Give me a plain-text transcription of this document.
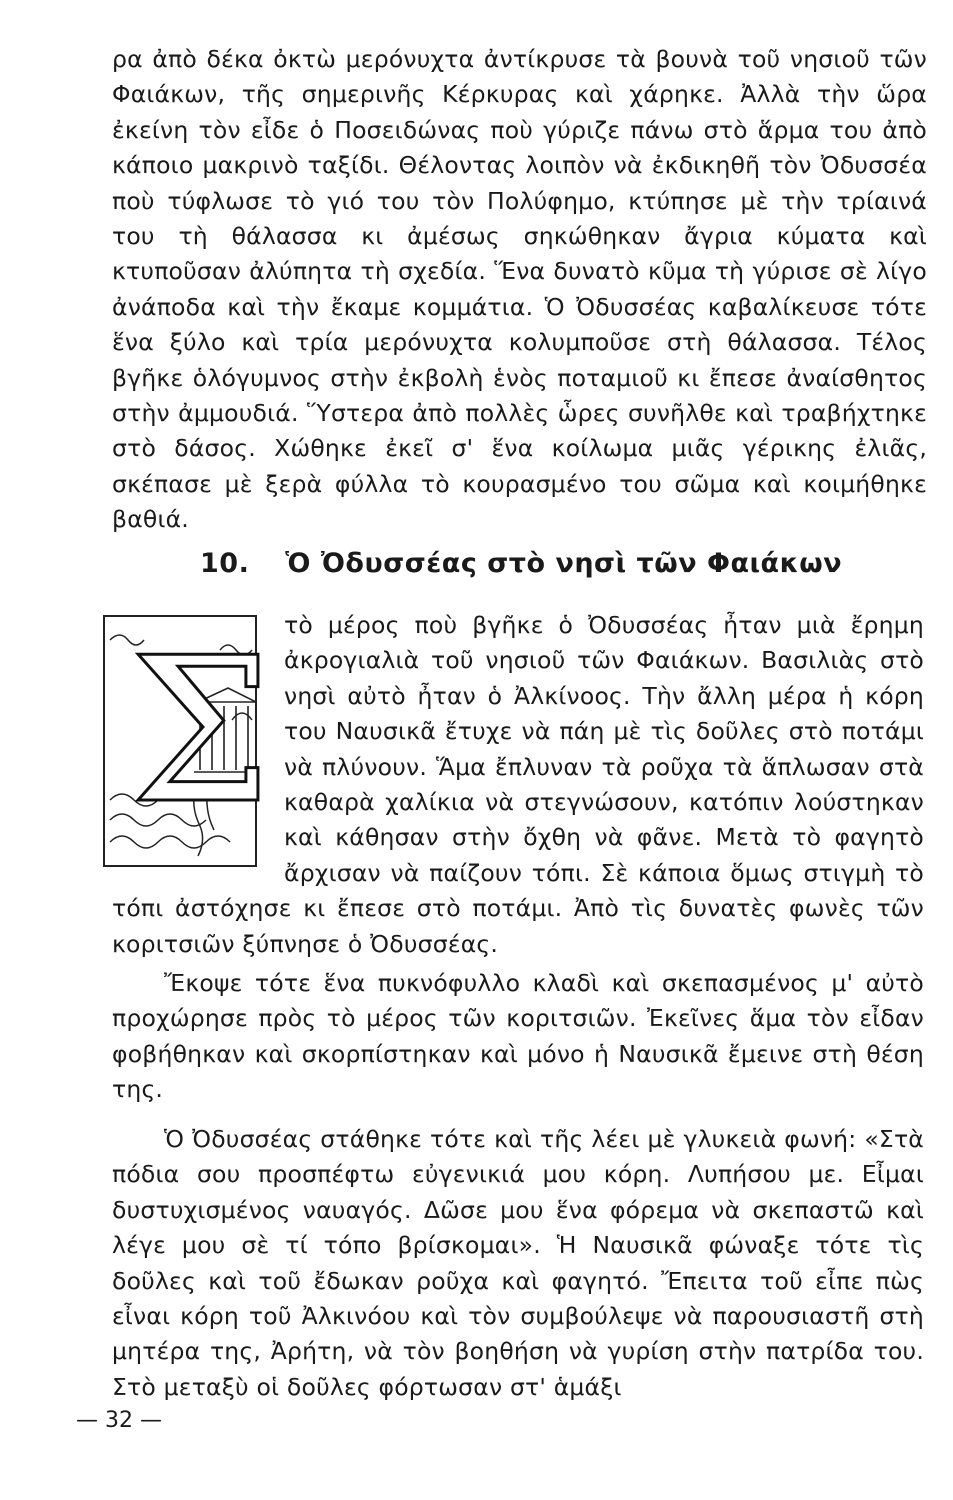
ρα ἀπὸ δέκα ὀκτὼ μερόνυχτα ἀντίκρυσε τὰ βουνὰ τοῦ νησιοῦ τῶν Φαιάκων, τῆς σημερινῆς Κέρκυρας καὶ χάρηκε. Ἀλλὰ τὴν ὥρα ἐκείνη τὸν εἶδε ὁ Ποσειδώνας ποὺ γύριζε πάνω στὸ ἅρμα του ἀπὸ κάποιο μακρινὸ ταξίδι. Θέλοντας λοιπὸν νὰ ἐκδικηθῆ τὸν Ὀδυσσέα ποὺ τύφλωσε τὸ γιό του τὸν Πολύφημο, κτύπησε μὲ τὴν τρίαινά του τὴ θάλασσα κι ἀμέσως σηκώθηκαν ἄγρια κύματα καὶ κτυποῦσαν ἀλύπητα τὴ σχεδία. Ἕνα δυνατὸ κῦμα τὴ γύρισε σὲ λίγο ἀνάποδα καὶ τὴν ἔκαμε κομμάτια. Ὁ Ὀδυσσέας καβαλίκευσε τότε ἕνα ξύλο καὶ τρία μερόνυχτα κολυμποῦσε στὴ θάλασσα. Τέλος βγῆκε ὁλόγυμνος στὴν ἐκβολὴ ἑνὸς ποταμιοῦ κι ἔπεσε ἀναίσθητος στὴν ἀμμουδιά. Ὕστερα ἀπὸ πολλὲς ὧρες συνῆλθε καὶ τραβήχτηκε στὸ δάσος. Χώθηκε ἐκεῖ σ' ἕνα κοίλωμα μιᾶς γέρικης ἐλιᾶς, σκέπασε μὲ ξερὰ φύλλα τὸ κουρασμένο του σῶμα καὶ κοιμήθηκε βαθιά.

10. Ὁ Ὀδυσσέας στὸ νησὶ τῶν Φαιάκων
Σ τὸ μέρος ποὺ βγῆκε ὁ Ὀδυσσέας ἦταν μιὰ ἔρημη ἀκρογιαλιὰ τοῦ νησιοῦ τῶν Φαιάκων. Βασιλιὰς στὸ νησὶ αὐτὸ ἦταν ὁ Ἀλκίνοος. Τὴν ἄλλη μέρα ἡ κόρη του Ναυσικᾶ ἔτυχε νὰ πάη μὲ τὶς δοῦλες στὸ ποτάμι νὰ πλύνουν. Ἅμα ἔπλυναν τὰ ροῦχα τὰ ἅπλωσαν στὰ καθαρὰ χαλίκια νὰ στεγνώσουν, κατόπιν λούστηκαν καὶ κάθησαν στὴν ὄχθη νὰ φᾶνε. Μετὰ τὸ φαγητὸ ἄρχισαν νὰ παίζουν τόπι. Σὲ κάποια ὅμως στιγμὴ τὸ τόπι ἀστόχησε κι ἔπεσε στὸ ποτάμι. Ἀπὸ τὶς δυνατὲς φωνὲς τῶν κοριτσιῶν ξύπνησε ὁ Ὀδυσσέας.

Ἔκοψε τότε ἕνα πυκνόφυλλο κλαδὶ καὶ σκεπασμένος μ' αὐτὸ προχώρησε πρὸς τὸ μέρος τῶν κοριτσιῶν. Ἐκεῖνες ἅμα τὸν εἶδαν φοβήθηκαν καὶ σκορπίστηκαν καὶ μόνο ἡ Ναυσικᾶ ἔμεινε στὴ θέση της.

Ὁ Ὀδυσσέας στάθηκε τότε καὶ τῆς λέει μὲ γλυκειὰ φωνή: «Στὰ πόδια σου προσπέφτω εὐγενικιά μου κόρη. Λυπήσου με. Εἶμαι δυστυχισμένος ναυαγός. Δῶσε μου ἕνα φόρεμα νὰ σκεπαστῶ καὶ λέγε μου σὲ τί τόπο βρίσκομαι». Ἡ Ναυσικᾶ φώναξε τότε τὶς δοῦλες καὶ τοῦ ἔδωκαν ροῦχα καὶ φαγητό. Ἔπειτα τοῦ εἶπε πὼς εἶναι κόρη τοῦ Ἀλκινόου καὶ τὸν συμβούλεψε νὰ παρουσιαστῆ στὴ μητέρα της, Ἀρήτη, νὰ τὸν βοηθήση νὰ γυρίση στὴν πατρίδα του. Στὸ μεταξὺ οἱ δοῦλες φόρτωσαν στ' ἁμάξι

— 32 —
